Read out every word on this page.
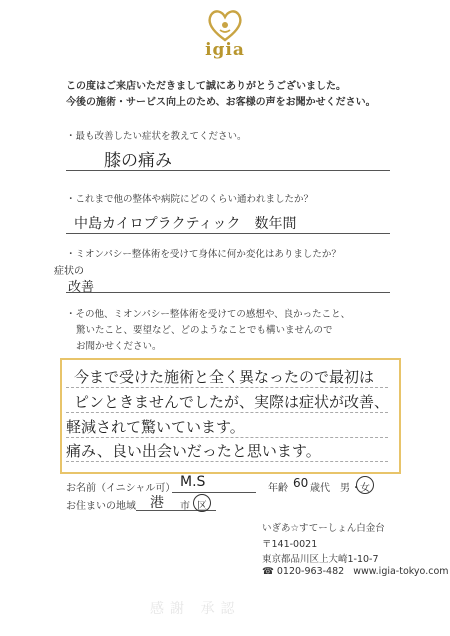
igia
この度はご来店いただきまして誠にありがとうございました。
今後の施術・サービス向上のため、お客様の声をお聞かせください。
・最も改善したい症状を教えてください。
膝の痛み
・これまで他の整体や病院にどのくらい通われましたか？
中島カイロプラクティック　数年間
・ミオンパシー整体術を受けて身体に何か変化はありましたか？
症状の
改善
・その他、ミオンパシー整体術を受けての感想や、良かったこと、
驚いたこと、要望など、どのようなことでも構いませんので
お聞かせください。
今まで受けた施術と全く異なったので最初は
ピンときませんでしたが、実際は症状が改善、
軽減されて驚いています。
痛み、良い出会いだったと思います。
お名前（イニシャル可） M.S	年齢 60 歳代 男 ・ 女
お住まいの地域 港 市 区
いぎあ☆すてーしょん白金台
〒141-0021
東京都品川区上大崎1-10-7
☎ 0120-963-482 www.igia-tokyo.com
感謝 承認
